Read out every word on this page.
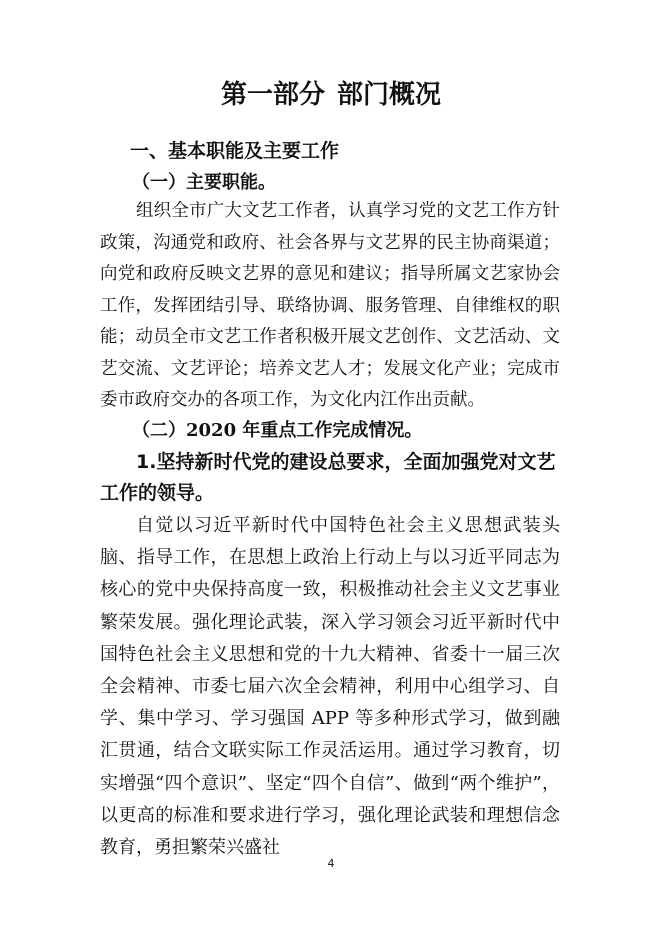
第一部分 部门概况
一、基本职能及主要工作
（一）主要职能。

组织全市广大文艺工作者，认真学习党的文艺工作方针政策，沟通党和政府、社会各界与文艺界的民主协商渠道；向党和政府反映文艺界的意见和建议；指导所属文艺家协会工作，发挥团结引导、联络协调、服务管理、自律维权的职能；动员全市文艺工作者积极开展文艺创作、文艺活动、文艺交流、文艺评论；培养文艺人才；发展文化产业；完成市委市政府交办的各项工作，为文化内江作出贡献。

（二）2020 年重点工作完成情况。
1.坚持新时代党的建设总要求，全面加强党对文艺工作的领导。

自觉以习近平新时代中国特色社会主义思想武装头脑、指导工作，在思想上政治上行动上与以习近平同志为核心的党中央保持高度一致，积极推动社会主义文艺事业繁荣发展。强化理论武装，深入学习领会习近平新时代中国特色社会主义思想和党的十九大精神、省委十一届三次全会精神、市委七届六次全会精神，利用中心组学习、自学、集中学习、学习强国 APP 等多种形式学习，做到融汇贯通，结合文联实际工作灵活运用。通过学习教育，切实增强“四个意识”、坚定“四个自信”、做到“两个维护”，以更高的标准和要求进行学习，强化理论武装和理想信念教育，勇担繁荣兴盛社

4
